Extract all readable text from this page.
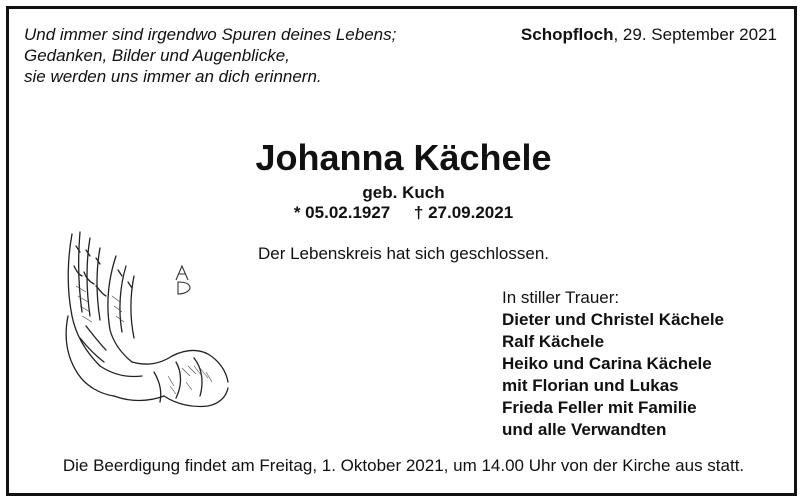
Und immer sind irgendwo Spuren deines Lebens;
Gedanken, Bilder und Augenblicke,
sie werden uns immer an dich erinnern.
Schopfloch, 29. September 2021
Johanna Kächele
geb. Kuch
* 05.02.1927 † 27.09.2021
Der Lebenskreis hat sich geschlossen.
In stiller Trauer:
Dieter und Christel Kächele
Ralf Kächele
Heiko und Carina Kächele
mit Florian und Lukas
Frieda Feller mit Familie
und alle Verwandten
Die Beerdigung findet am Freitag, 1. Oktober 2021, um 14.00 Uhr von der Kirche aus statt.
